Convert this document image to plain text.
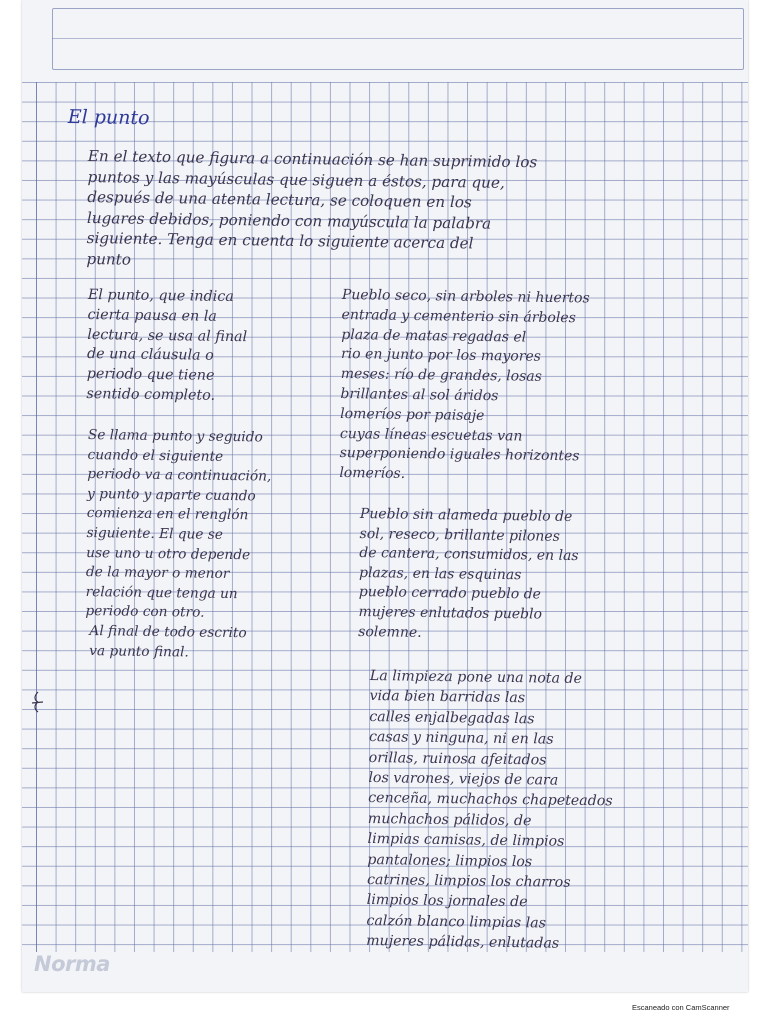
El punto
En el texto que figura a continuación se han suprimido los
puntos y las mayúsculas que siguen a éstos, para que,
después de una atenta lectura, se coloquen en los
lugares debidos, poniendo con mayúscula la palabra
siguiente. Tenga en cuenta lo siguiente acerca del
punto
El punto, que indica
cierta pausa en la
lectura, se usa al final
de una cláusula o
periodo que tiene
sentido completo.
Se llama punto y seguido
cuando el siguiente
periodo va a continuación,
y punto y aparte cuando
comienza en el renglón
siguiente. El que se
use uno u otro depende
de la mayor o menor
relación que tenga un
periodo con otro.
Al final de todo escrito
va punto final.
Pueblo seco, sin arboles ni huertos
entrada y cementerio sin árboles
plaza de matas regadas el
rio en junto por los mayores
meses: río de grandes, losas
brillantes al sol áridos
lomeríos por paisaje
cuyas líneas escuetas van
superponiendo iguales horizontes
lomeríos.
Pueblo sin alameda pueblo de
sol, reseco, brillante pilones
de cantera, consumidos, en las
plazas, en las esquinas
pueblo cerrado pueblo de
mujeres enlutados pueblo
solemne.
La limpieza pone una nota de
vida bien barridas las
calles enjalbegadas las
casas y ninguna, ni en las
orillas, ruinosa afeitados
los varones, viejos de cara
cenceña, muchachos chapeteados
muchachos pálidos, de
limpias camisas, de limpios
pantalones; limpios los
catrines, limpios los charros
limpios los jornales de
calzón blanco limpias las
mujeres pálidas, enlutadas
Norma
Escaneado con CamScanner
